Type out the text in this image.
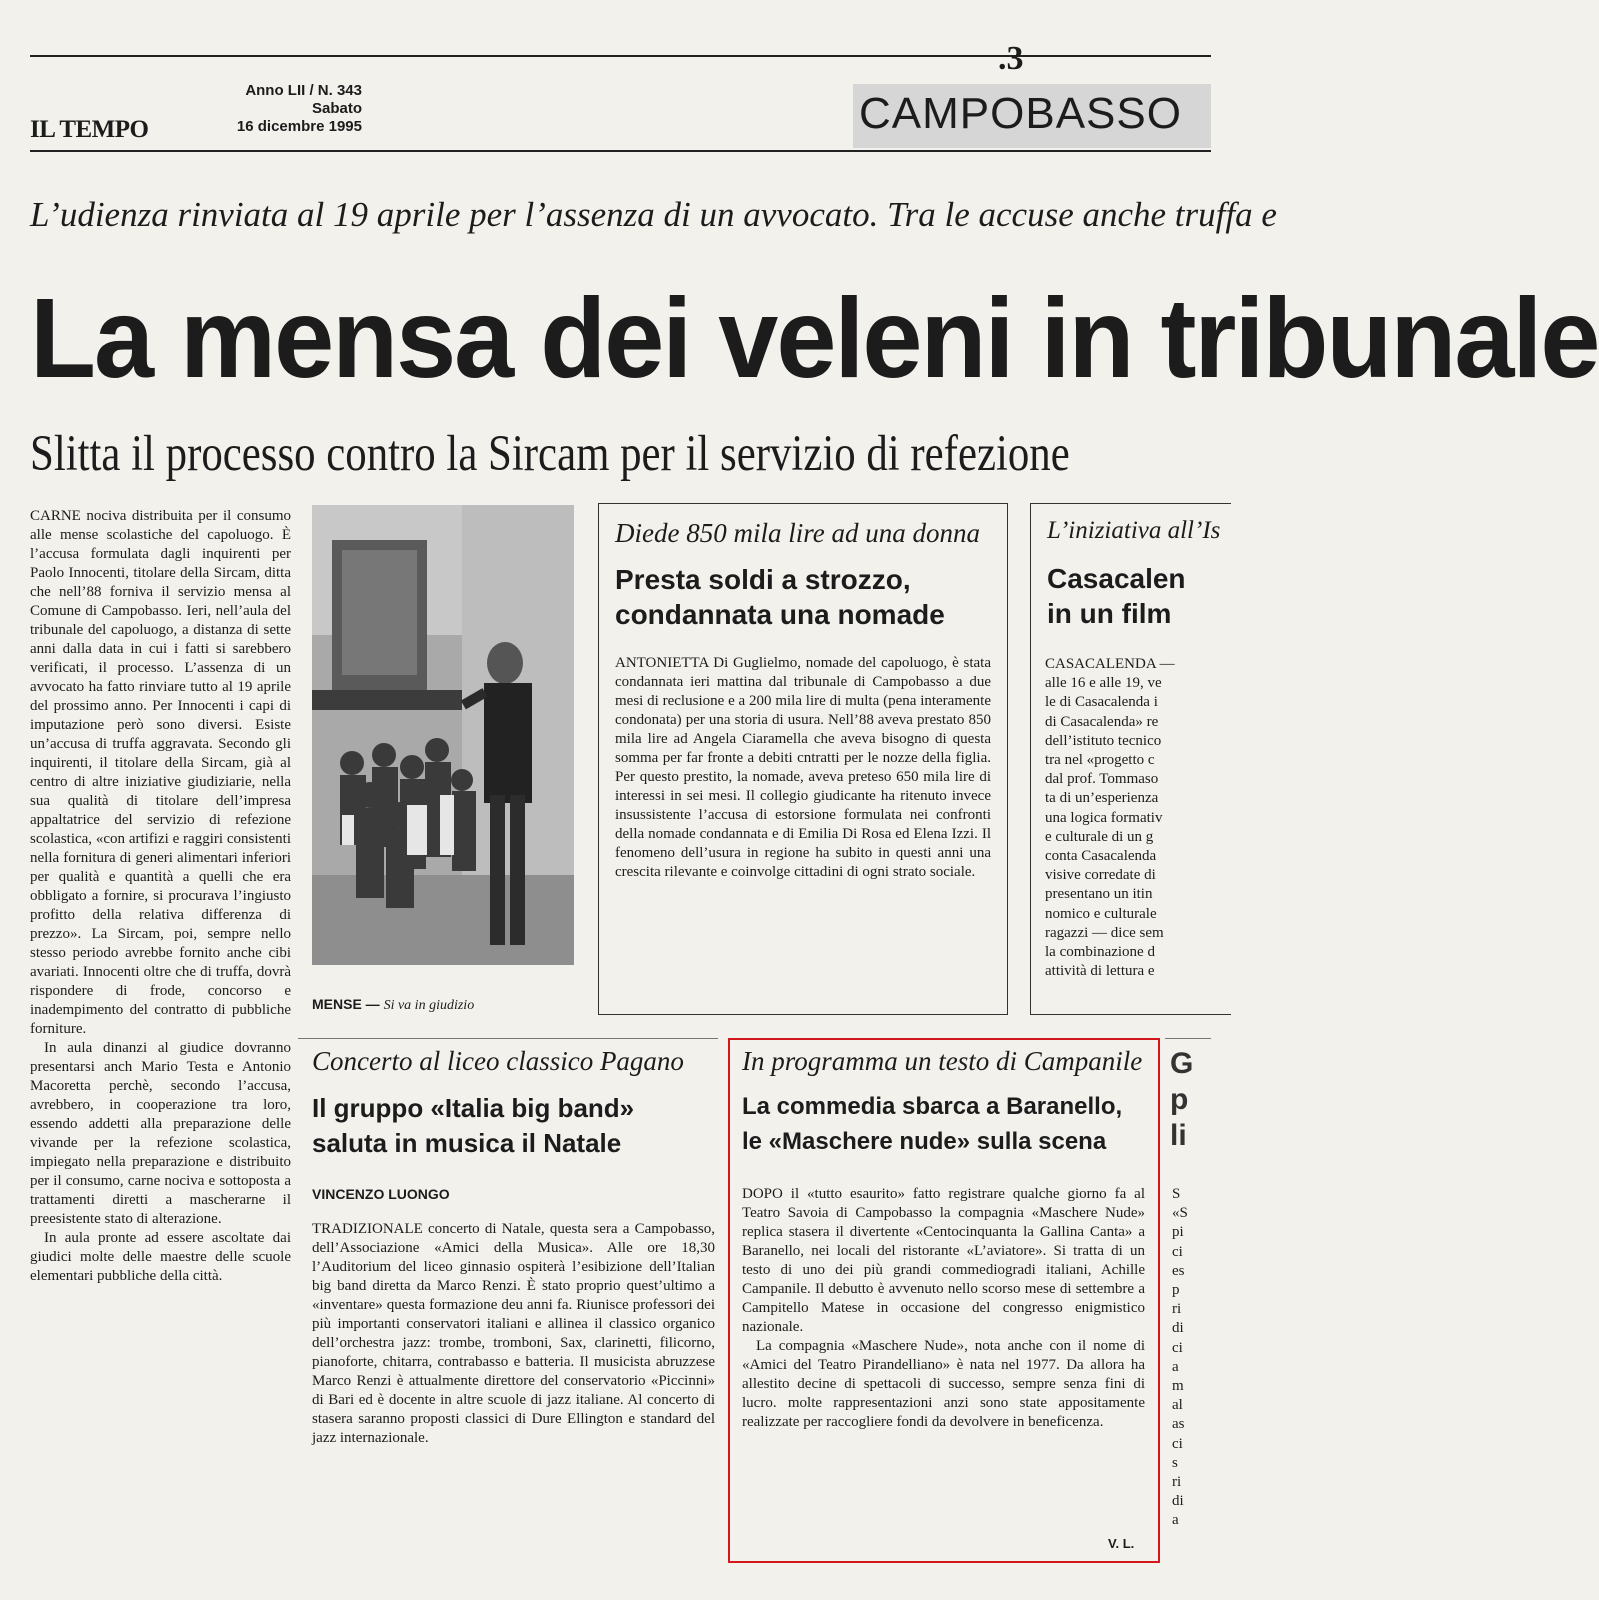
.3
IL TEMPO
Anno LII / N. 343
Sabato
16 dicembre 1995	CAMPOBASSO
L’udienza rinviata al 19 aprile per l’assenza di un avvocato. Tra le accuse anche truffa e
La mensa dei veleni in tribunale
Slitta il processo contro la Sircam per il servizio di refezione

CARNE nociva distribuita per il consumo alle mense scolastiche del capoluogo. È l’accusa formulata dagli inquirenti per Paolo Innocenti, titolare della Sircam, ditta che nell’88 forniva il servizio mensa al Comune di Campobasso. Ieri, nell’aula del tribunale del capoluogo, a distanza di sette anni dalla data in cui i fatti si sarebbero verificati, il processo. L’assenza di un avvocato ha fatto rinviare tutto al 19 aprile del prossimo anno. Per Innocenti i capi di imputazione però sono diversi. Esiste un’accusa di truffa aggravata. Secondo gli inquirenti, il titolare della Sircam, già al centro di altre iniziative giudiziarie, nella sua qualità di titolare dell’impresa appaltatrice del servizio di refezione scolastica, «con artifizi e raggiri consistenti nella fornitura di generi alimentari inferiori per qualità e quantità a quelli che era obbligato a fornire, si procurava l’ingiusto profitto della relativa differenza di prezzo». La Sircam, poi, sempre nello stesso periodo avrebbe fornito anche cibi avariati. Innocenti oltre che di truffa, dovrà rispondere di frode, concorso e inadempimento del contratto di pubbliche forniture.

In aula dinanzi al giudice dovranno presentarsi anch Mario Testa e Antonio Macoretta perchè, secondo l’accusa, avrebbero, in cooperazione tra loro, essendo addetti alla preparazione delle vivande per la refezione scolastica, impiegato nella preparazione e distribuito per il consumo, carne nociva e sottoposta a trattamenti diretti a mascherarne il preesistente stato di alterazione.

In aula pronte ad essere ascoltate dai giudici molte delle maestre delle scuole elementari pubbliche della città.

MENSE — Si va in giudizio
Diede 850 mila lire ad una donna
Presta soldi a strozzo,
condannata una nomade
ANTONIETTA Di Guglielmo, nomade del capoluogo, è stata condannata ieri mattina dal tribunale di Campobasso a due mesi di reclusione e a 200 mila lire di multa (pena interamente condonata) per una storia di usura. Nell’88 aveva prestato 850 mila lire ad Angela Ciaramella che aveva bisogno di questa somma per far fronte a debiti cntratti per le nozze della figlia. Per questo prestito, la nomade, aveva preteso 650 mila lire di interessi in sei mesi. Il collegio giudicante ha ritenuto invece insussistente l’accusa di estorsione formulata nei confronti della nomade condannata e di Emilia Di Rosa ed Elena Izzi. Il fenomeno dell’usura in regione ha subito in questi anni una crescita rilevante e coinvolge cittadini di ogni strato sociale.
L’iniziativa all’Is
Casacalen
in un film
CASACALENDA —
alle 16 e alle 19, ve
le di Casacalenda i
di Casacalenda» re
dell’istituto tecnico
tra nel «progetto c
dal prof. Tommaso
ta di un’esperienza
una logica formativ
e culturale di un g
conta Casacalenda
visive corredate di
presentano un itin
nomico e culturale
ragazzi — dice sem
la combinazione d
attività di lettura e
Concerto al liceo classico Pagano
Il gruppo «Italia big band»
saluta in musica il Natale
VINCENZO LUONGO
TRADIZIONALE concerto di Natale, questa sera a Campobasso, dell’Associazione «Amici della Musica». Alle ore 18,30 l’Auditorium del liceo ginnasio ospiterà l’esibizione dell’Italian big band diretta da Marco Renzi. È stato proprio quest’ultimo a «inventare» questa formazione deu anni fa. Riunisce professori dei più importanti conservatori italiani e allinea il classico organico dell’orchestra jazz: trombe, tromboni, Sax, clarinetti, filicorno, pianoforte, chitarra, contrabasso e batteria. Il musicista abruzzese Marco Renzi è attualmente direttore del conservatorio «Piccinni» di Bari ed è docente in altre scuole di jazz italiane. Al concerto di stasera saranno proposti classici di Dure Ellington e standard del jazz internazionale.
In programma un testo di Campanile
La commedia sbarca a Baranello,
le «Maschere nude» sulla scena

DOPO il «tutto esaurito» fatto registrare qualche giorno fa al Teatro Savoia di Campobasso la compagnia «Maschere Nude» replica stasera il divertente «Centocinquanta la Gallina Canta» a Baranello, nei locali del ristorante «L’aviatore». Si tratta di un testo di uno dei più grandi commediogradi italiani, Achille Campanile. Il debutto è avvenuto nello scorso mese di settembre a Campitello Matese in occasione del congresso enigmistico nazionale.

La compagnia «Maschere Nude», nota anche con il nome di «Amici del Teatro Pirandelliano» è nata nel 1977. Da allora ha allestito decine di spettacoli di successo, sempre senza fini di lucro. molte rappresentazioni anzi sono state appositamente realizzate per raccogliere fondi da devolvere in beneficenza.

V. L.
G
p
li
S
«S
pi
ci
es
p
ri
di
ci
a
m
al
as
ci
s
ri
di
a
